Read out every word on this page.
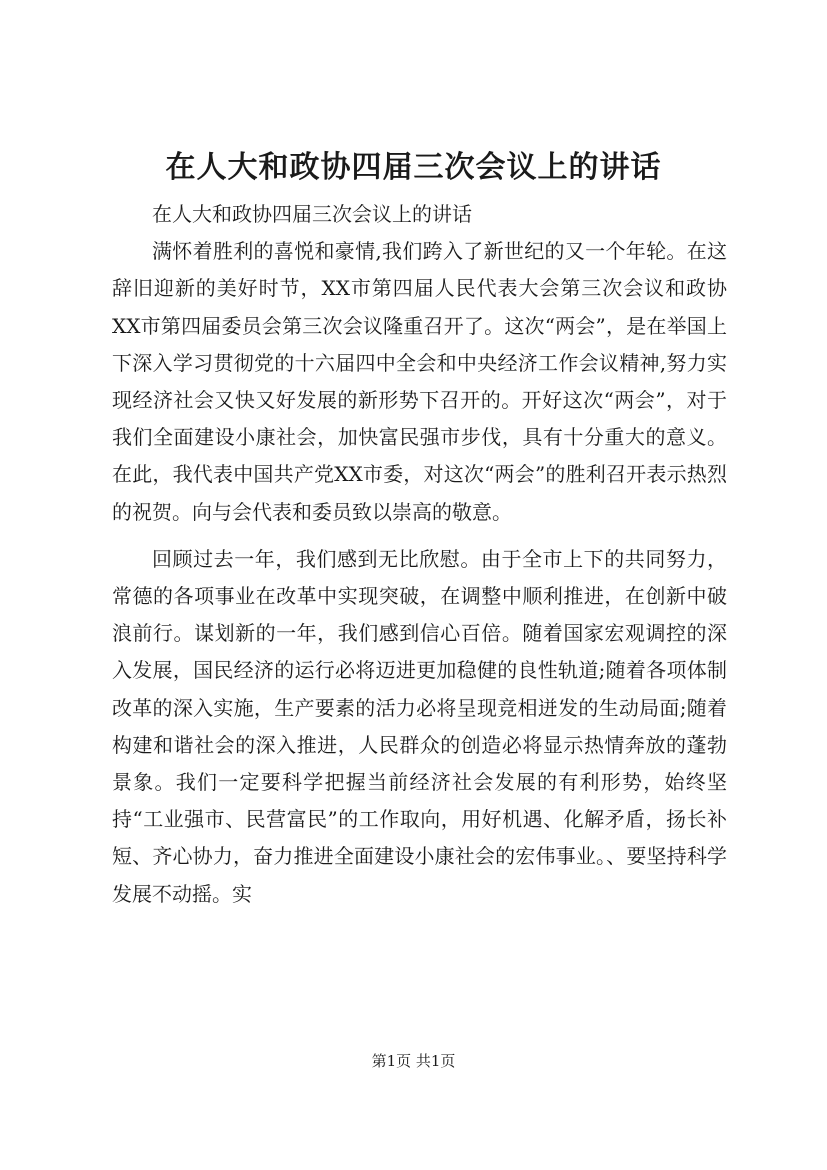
在人大和政协四届三次会议上的讲话

在人大和政协四届三次会议上的讲话

满怀着胜利的喜悦和豪情,我们跨入了新世纪的又一个年轮。在这辞旧迎新的美好时节，XX市第四届人民代表大会第三次会议和政协XX市第四届委员会第三次会议隆重召开了。这次“两会”，是在举国上下深入学习贯彻党的十六届四中全会和中央经济工作会议精神,努力实现经济社会又快又好发展的新形势下召开的。开好这次“两会”，对于我们全面建设小康社会，加快富民强市步伐，具有十分重大的意义。在此，我代表中国共产党XX市委，对这次“两会”的胜利召开表示热烈的祝贺。向与会代表和委员致以崇高的敬意。

回顾过去一年，我们感到无比欣慰。由于全市上下的共同努力，常德的各项事业在改革中实现突破，在调整中顺利推进，在创新中破浪前行。谋划新的一年，我们感到信心百倍。随着国家宏观调控的深入发展，国民经济的运行必将迈进更加稳健的良性轨道;随着各项体制改革的深入实施，生产要素的活力必将呈现竞相迸发的生动局面;随着构建和谐社会的深入推进，人民群众的创造必将显示热情奔放的蓬勃景象。我们一定要科学把握当前经济社会发展的有利形势，始终坚持“工业强市、民营富民”的工作取向，用好机遇、化解矛盾，扬长补短、齐心协力，奋力推进全面建设小康社会的宏伟事业。、要坚持科学发展不动摇。实

第1页 共1页
